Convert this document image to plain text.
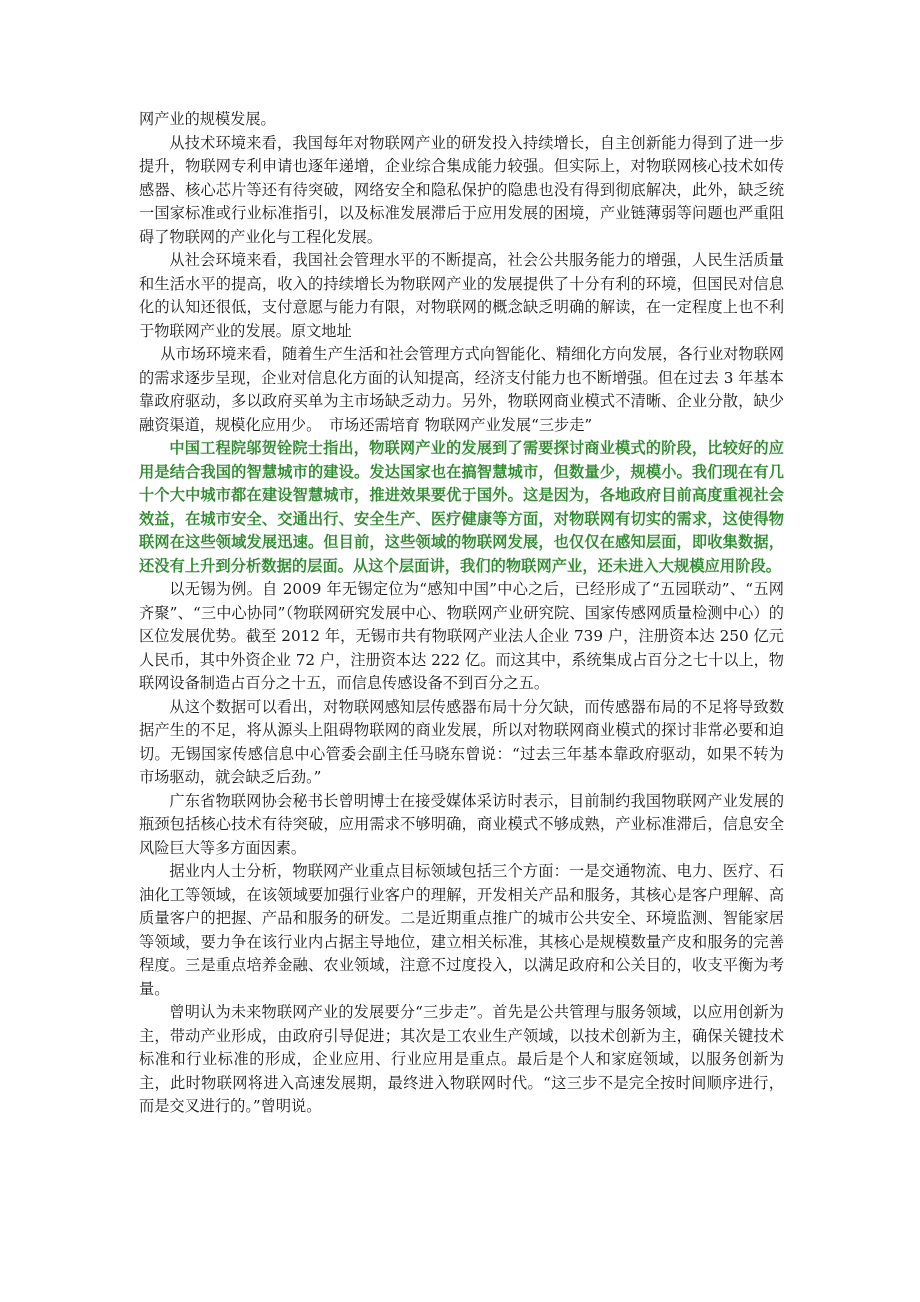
网产业的规模发展。

从技术环境来看，我国每年对物联网产业的研发投入持续增长，自主创新能力得到了进一步提升，物联网专利申请也逐年递增，企业综合集成能力较强。但实际上，对物联网核心技术如传感器、核心芯片等还有待突破，网络安全和隐私保护的隐患也没有得到彻底解决，此外，缺乏统一国家标准或行业标准指引，以及标准发展滞后于应用发展的困境，产业链薄弱等问题也严重阻碍了物联网的产业化与工程化发展。

从社会环境来看，我国社会管理水平的不断提高，社会公共服务能力的增强，人民生活质量和生活水平的提高，收入的持续增长为物联网产业的发展提供了十分有利的环境，但国民对信息化的认知还很低，支付意愿与能力有限，对物联网的概念缺乏明确的解读，在一定程度上也不利于物联网产业的发展。原文地址

从市场环境来看，随着生产生活和社会管理方式向智能化、精细化方向发展，各行业对物联网的需求逐步呈现，企业对信息化方面的认知提高，经济支付能力也不断增强。但在过去 3 年基本靠政府驱动，多以政府买单为主市场缺乏动力。另外，物联网商业模式不清晰、企业分散，缺少融资渠道，规模化应用少。　市场还需培育 物联网产业发展“三步走”

中国工程院邬贺铨院士指出，物联网产业的发展到了需要探讨商业模式的阶段，比较好的应用是结合我国的智慧城市的建设。发达国家也在搞智慧城市，但数量少，规模小。我们现在有几十个大中城市都在建设智慧城市，推进效果要优于国外。这是因为，各地政府目前高度重视社会效益，在城市安全、交通出行、安全生产、医疗健康等方面，对物联网有切实的需求，这使得物联网在这些领域发展迅速。但目前，这些领域的物联网发展，也仅仅在感知层面，即收集数据，还没有上升到分析数据的层面。从这个层面讲，我们的物联网产业，还未进入大规模应用阶段。

以无锡为例。自 2009 年无锡定位为“感知中国”中心之后，已经形成了“五园联动”、“五网齐聚”、“三中心协同”（物联网研究发展中心、物联网产业研究院、国家传感网质量检测中心）的区位发展优势。截至 2012 年，无锡市共有物联网产业法人企业 739 户，注册资本达 250 亿元人民币，其中外资企业 72 户，注册资本达 222 亿。而这其中，系统集成占百分之七十以上，物联网设备制造占百分之十五，而信息传感设备不到百分之五。

从这个数据可以看出，对物联网感知层传感器布局十分欠缺，而传感器布局的不足将导致数据产生的不足，将从源头上阻碍物联网的商业发展，所以对物联网商业模式的探讨非常必要和迫切。无锡国家传感信息中心管委会副主任马晓东曾说：“过去三年基本靠政府驱动，如果不转为市场驱动，就会缺乏后劲。”

广东省物联网协会秘书长曾明博士在接受媒体采访时表示，目前制约我国物联网产业发展的瓶颈包括核心技术有待突破，应用需求不够明确，商业模式不够成熟，产业标准滞后，信息安全风险巨大等多方面因素。

据业内人士分析，物联网产业重点目标领域包括三个方面：一是交通物流、电力、医疗、石油化工等领域，在该领域要加强行业客户的理解，开发相关产品和服务，其核心是客户理解、高质量客户的把握、产品和服务的研发。二是近期重点推广的城市公共安全、环境监测、智能家居等领域，要力争在该行业内占据主导地位，建立相关标准，其核心是规模数量产皮和服务的完善程度。三是重点培养金融、农业领域，注意不过度投入，以满足政府和公关目的，收支平衡为考量。

曾明认为未来物联网产业的发展要分“三步走”。首先是公共管理与服务领域，以应用创新为主，带动产业形成，由政府引导促进；其次是工农业生产领域，以技术创新为主，确保关键技术标准和行业标准的形成，企业应用、行业应用是重点。最后是个人和家庭领域，以服务创新为主，此时物联网将进入高速发展期，最终进入物联网时代。“这三步不是完全按时间顺序进行，而是交叉进行的。”曾明说。
